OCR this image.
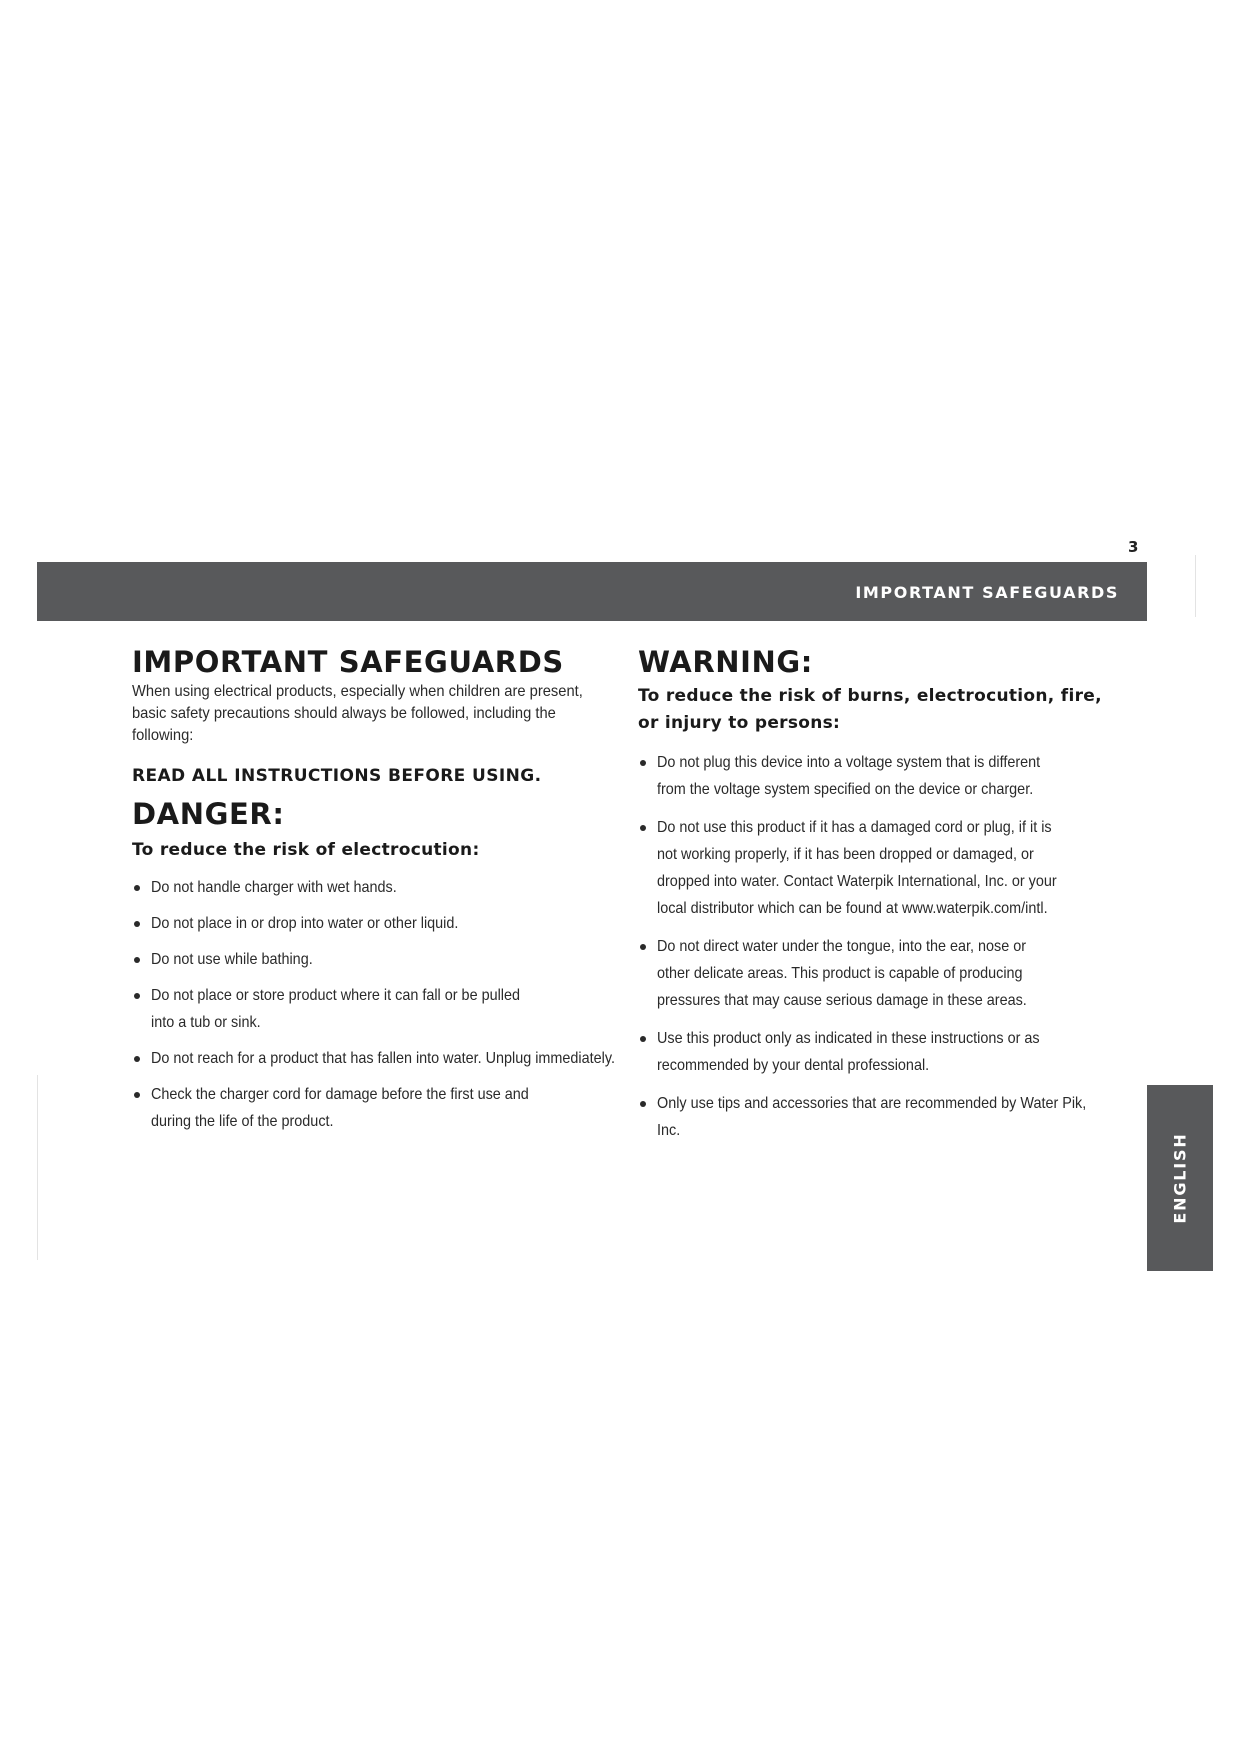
3
IMPORTANT SAFEGUARDS
ENGLISH
IMPORTANT SAFEGUARDS

When using electrical products, especially when children are present, basic safety precautions should always be followed, including the following:

READ ALL INSTRUCTIONS BEFORE USING.

DANGER:

To reduce the risk of electrocution:

Do not handle charger with wet hands.
Do not place in or drop into water or other liquid.
Do not use while bathing.
Do not place or store product where it can fall or be pulled into a tub or sink.
Do not reach for a product that has fallen into water. Unplug immediately.
Check the charger cord for damage before the first use and during the life of the product.
WARNING:

To reduce the risk of burns, electrocution, fire, or injury to persons:

Do not plug this device into a voltage system that is different from the voltage system specified on the device or charger.
Do not use this product if it has a damaged cord or plug, if it is not working properly, if it has been dropped or damaged, or dropped into water. Contact Waterpik International, Inc. or your local distributor which can be found at www.waterpik.com/intl.
Do not direct water under the tongue, into the ear, nose or other delicate areas. This product is capable of producing pressures that may cause serious damage in these areas.
Use this product only as indicated in these instructions or as recommended by your dental professional.
Only use tips and accessories that are recommended by Water Pik, Inc.
